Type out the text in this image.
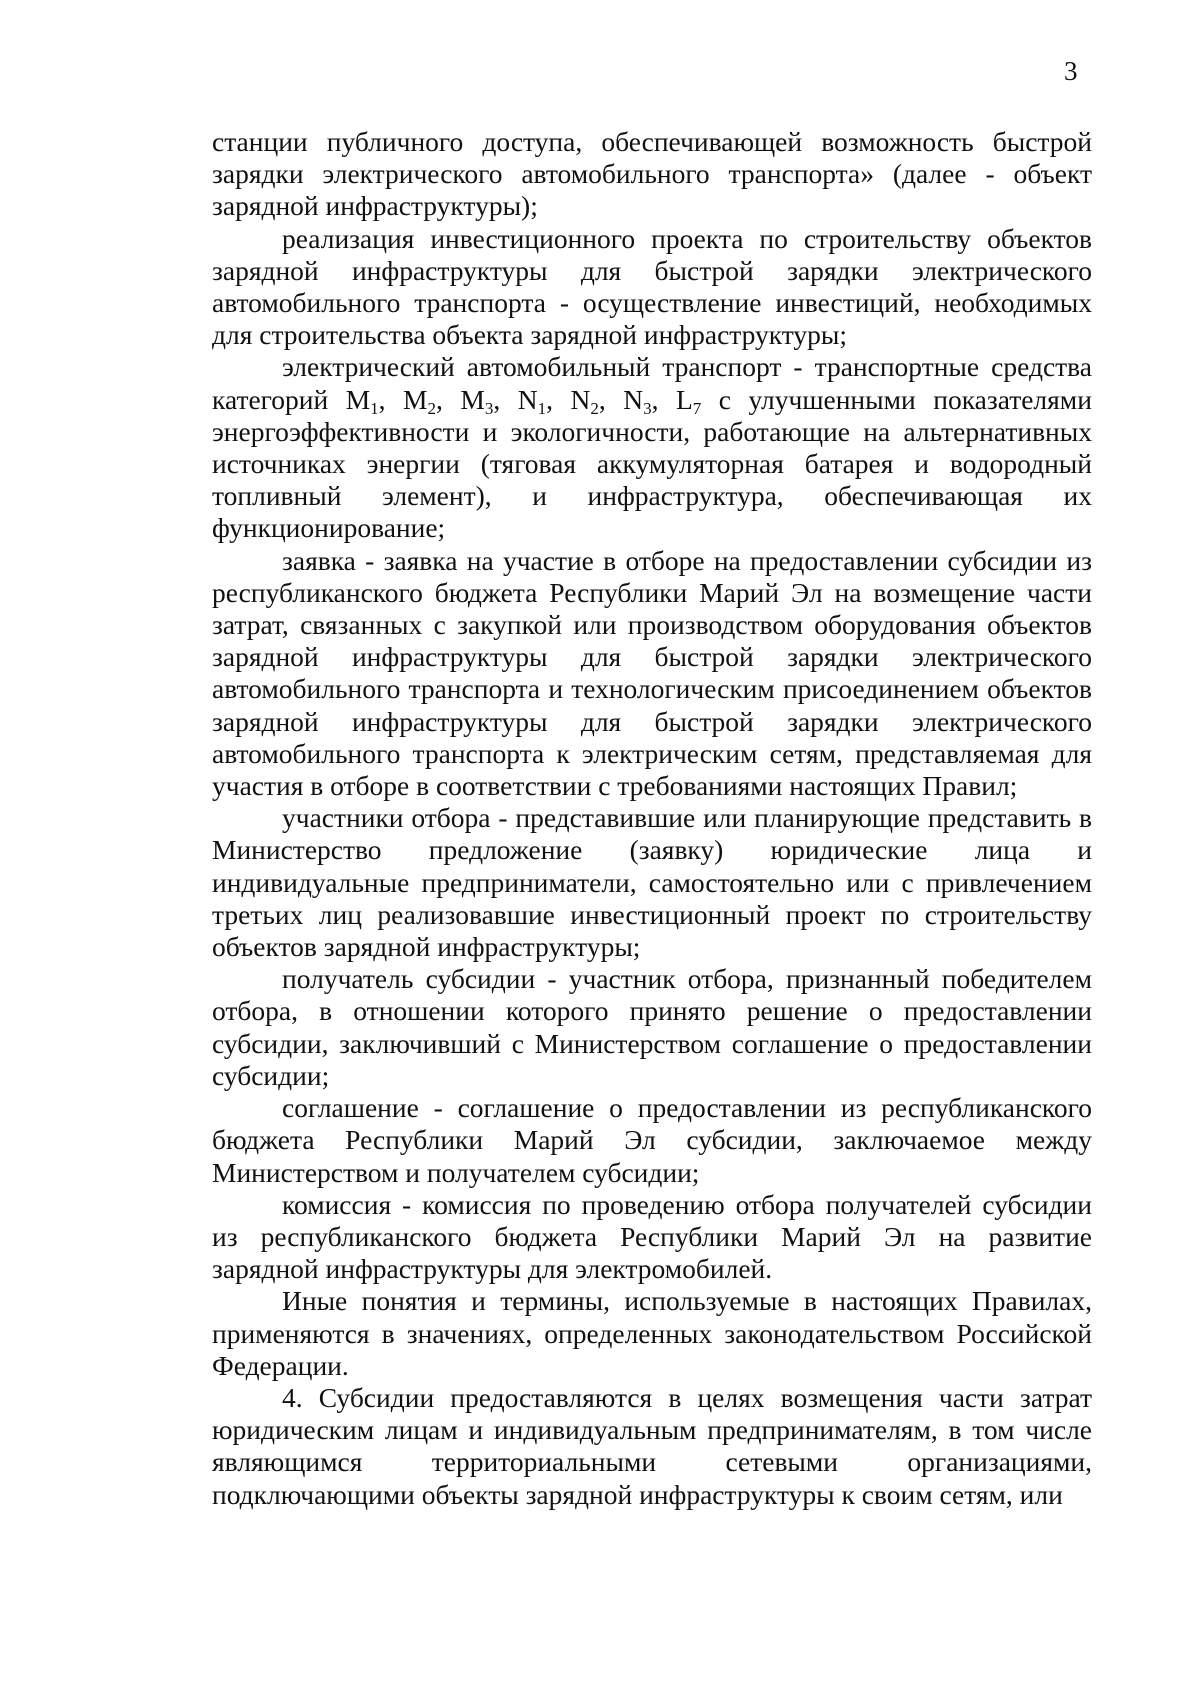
3

станции публичного доступа, обеспечивающей возможность быстрой зарядки электрического автомобильного транспорта» (далее - объект зарядной инфраструктуры);

реализация инвестиционного проекта по строительству объектов зарядной инфраструктуры для быстрой зарядки электрического автомобильного транспорта - осуществление инвестиций, необходимых для строительства объекта зарядной инфраструктуры;

электрический автомобильный транспорт - транспортные средства категорий $M_1$, $M_2$, $M_3$, $N_1$, $N_2$, $N_3$, $L_7$ с улучшенными показателями энергоэффективности и экологичности, работающие на альтернативных источниках энергии (тяговая аккумуляторная батарея и водородный топливный элемент), и инфраструктура, обеспечивающая их функционирование;

заявка - заявка на участие в отборе на предоставлении субсидии из республиканского бюджета Республики Марий Эл на возмещение части затрат, связанных с закупкой или производством оборудования объектов зарядной инфраструктуры для быстрой зарядки электрического автомобильного транспорта и технологическим присоединением объектов зарядной инфраструктуры для быстрой зарядки электрического автомобильного транспорта к электрическим сетям, представляемая для участия в отборе в соответствии с требованиями настоящих Правил;

участники отбора - представившие или планирующие представить в Министерство предложение (заявку) юридические лица и индивидуальные предприниматели, самостоятельно или с привлечением третьих лиц реализовавшие инвестиционный проект по строительству объектов зарядной инфраструктуры;

получатель субсидии - участник отбора, признанный победителем отбора, в отношении которого принято решение о предоставлении субсидии, заключивший с Министерством соглашение о предоставлении субсидии;

соглашение - соглашение о предоставлении из республиканского бюджета Республики Марий Эл субсидии, заключаемое между Министерством и получателем субсидии;

комиссия - комиссия по проведению отбора получателей субсидии из республиканского бюджета Республики Марий Эл на развитие зарядной инфраструктуры для электромобилей.

Иные понятия и термины, используемые в настоящих Правилах, применяются в значениях, определенных законодательством Российской Федерации.

4. Субсидии предоставляются в целях возмещения части затрат юридическим лицам и индивидуальным предпринимателям, в том числе являющимся территориальными сетевыми организациями, подключающими объекты зарядной инфраструктуры к своим сетям, или
